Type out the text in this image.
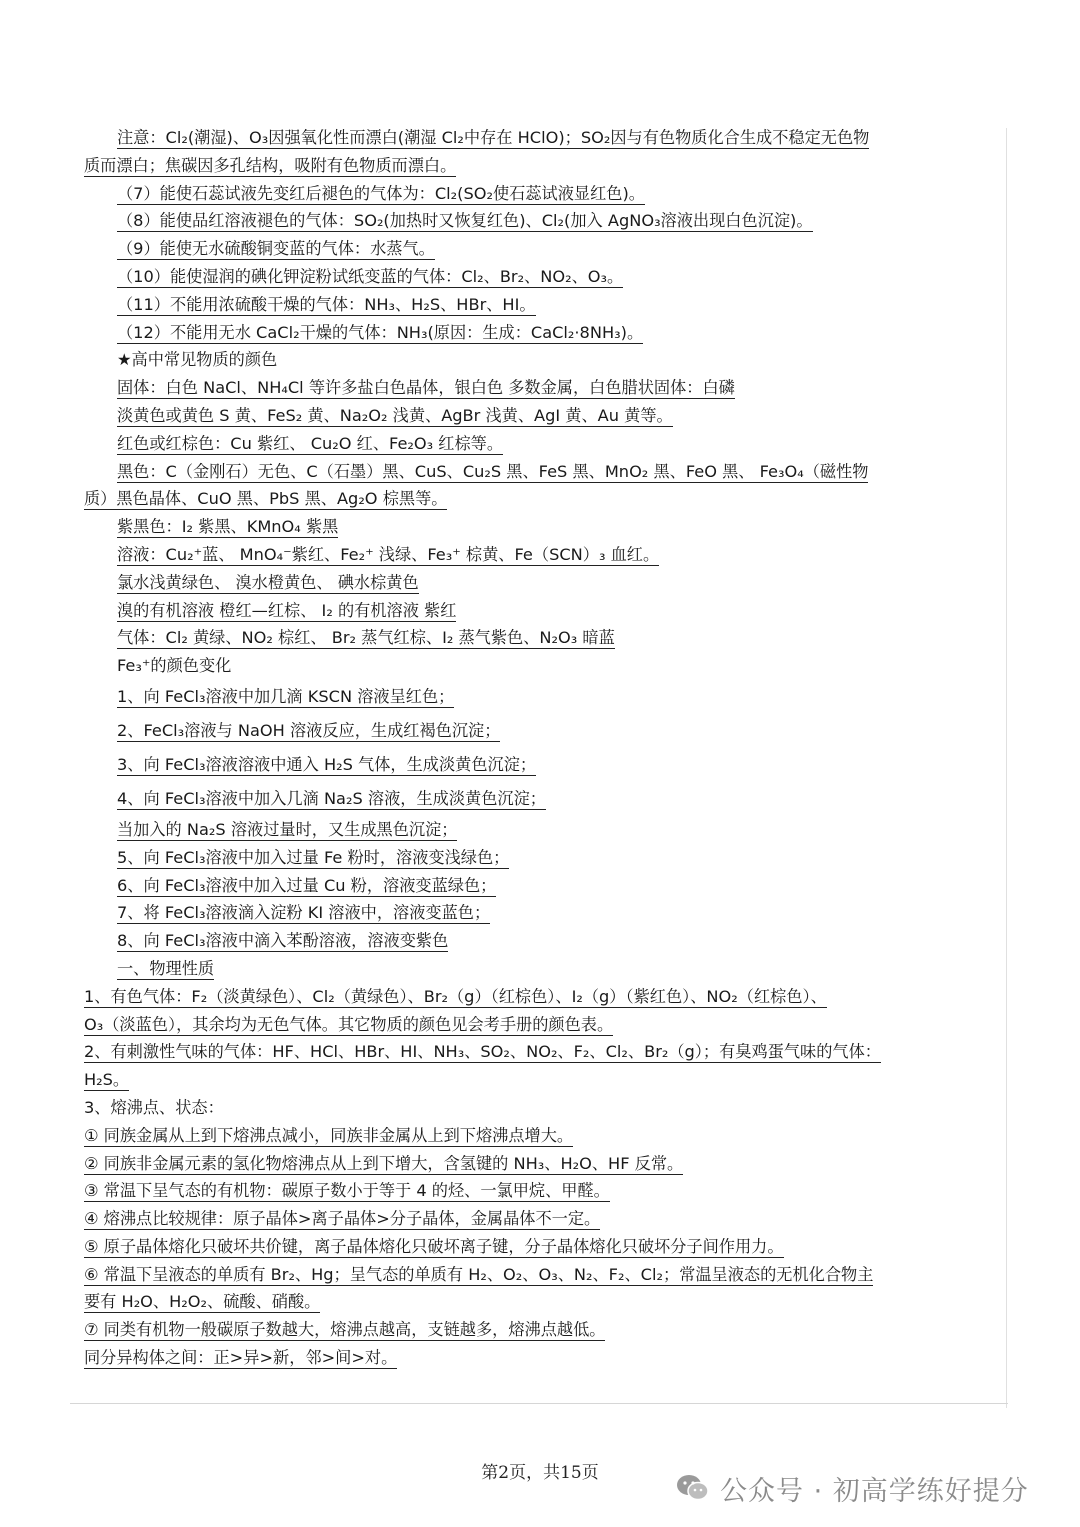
注意：Cl₂(潮湿)、O₃因强氧化性而漂白(潮湿 Cl₂中存在 HClO)；SO₂因与有色物质化合生成不稳定无色物
质而漂白；焦碳因多孔结构，吸附有色物质而漂白。
（7）能使石蕊试液先变红后褪色的气体为：Cl₂(SO₂使石蕊试液显红色)。
（8）能使品红溶液褪色的气体：SO₂(加热时又恢复红色)、Cl₂(加入 AgNO₃溶液出现白色沉淀)。
（9）能使无水硫酸铜变蓝的气体：水蒸气。
（10）能使湿润的碘化钾淀粉试纸变蓝的气体：Cl₂、Br₂、NO₂、O₃。
（11）不能用浓硫酸干燥的气体：NH₃、H₂S、HBr、HI。
（12）不能用无水 CaCl₂干燥的气体：NH₃(原因：生成：CaCl₂·8NH₃)。
★高中常见物质的颜色
固体：白色 NaCl、NH₄Cl 等许多盐白色晶体，银白色 多数金属，白色腊状固体：白磷
淡黄色或黄色 S 黄、FeS₂ 黄、Na₂O₂ 浅黄、AgBr 浅黄、AgI 黄、Au 黄等。
红色或红棕色：Cu 紫红、 Cu₂O 红、Fe₂O₃ 红棕等。
黑色：C（金刚石）无色、C（石墨）黑、CuS、Cu₂S 黑、FeS 黑、MnO₂ 黑、FeO 黑、 Fe₃O₄（磁性物
质）黑色晶体、CuO 黑、PbS 黑、Ag₂O 棕黑等。
紫黑色：I₂ 紫黑、KMnO₄ 紫黑
溶液：Cu₂⁺蓝、 MnO₄⁻紫红、Fe₂⁺ 浅绿、Fe₃⁺ 棕黄、Fe（SCN）₃ 血红。
氯水浅黄绿色、 溴水橙黄色、 碘水棕黄色
溴的有机溶液 橙红—红棕、 I₂ 的有机溶液 紫红
气体：Cl₂ 黄绿、NO₂ 棕红、 Br₂ 蒸气红棕、I₂ 蒸气紫色、N₂O₃ 暗蓝
Fe₃⁺的颜色变化
1、向 FeCl₃溶液中加几滴 KSCN 溶液呈红色；
2、FeCl₃溶液与 NaOH 溶液反应，生成红褐色沉淀；
3、向 FeCl₃溶液溶液中通入 H₂S 气体，生成淡黄色沉淀；
4、向 FeCl₃溶液中加入几滴 Na₂S 溶液，生成淡黄色沉淀；
当加入的 Na₂S 溶液过量时，又生成黑色沉淀；
5、向 FeCl₃溶液中加入过量 Fe 粉时，溶液变浅绿色；
6、向 FeCl₃溶液中加入过量 Cu 粉，溶液变蓝绿色；
7、将 FeCl₃溶液滴入淀粉 KI 溶液中，溶液变蓝色；
8、向 FeCl₃溶液中滴入苯酚溶液，溶液变紫色
一、物理性质
1、有色气体：F₂（淡黄绿色）、Cl₂（黄绿色）、Br₂（g）（红棕色）、I₂（g）（紫红色）、NO₂（红棕色）、
O₃（淡蓝色），其余均为无色气体。其它物质的颜色见会考手册的颜色表。
2、有刺激性气味的气体：HF、HCl、HBr、HI、NH₃、SO₂、NO₂、F₂、Cl₂、Br₂（g）；有臭鸡蛋气味的气体：
H₂S。
3、熔沸点、状态：
① 同族金属从上到下熔沸点减小，同族非金属从上到下熔沸点增大。
② 同族非金属元素的氢化物熔沸点从上到下增大，含氢键的 NH₃、H₂O、HF 反常。
③ 常温下呈气态的有机物：碳原子数小于等于 4 的烃、一氯甲烷、甲醛。
④ 熔沸点比较规律：原子晶体>离子晶体>分子晶体，金属晶体不一定。
⑤ 原子晶体熔化只破坏共价键，离子晶体熔化只破坏离子键，分子晶体熔化只破坏分子间作用力。
⑥ 常温下呈液态的单质有 Br₂、Hg；呈气态的单质有 H₂、O₂、O₃、N₂、F₂、Cl₂；常温呈液态的无机化合物主
要有 H₂O、H₂O₂、硫酸、硝酸。
⑦ 同类有机物一般碳原子数越大，熔沸点越高，支链越多，熔沸点越低。
同分异构体之间：正>异>新，邻>间>对。
第2页，共15页
公众号 · 初高学练好提分
